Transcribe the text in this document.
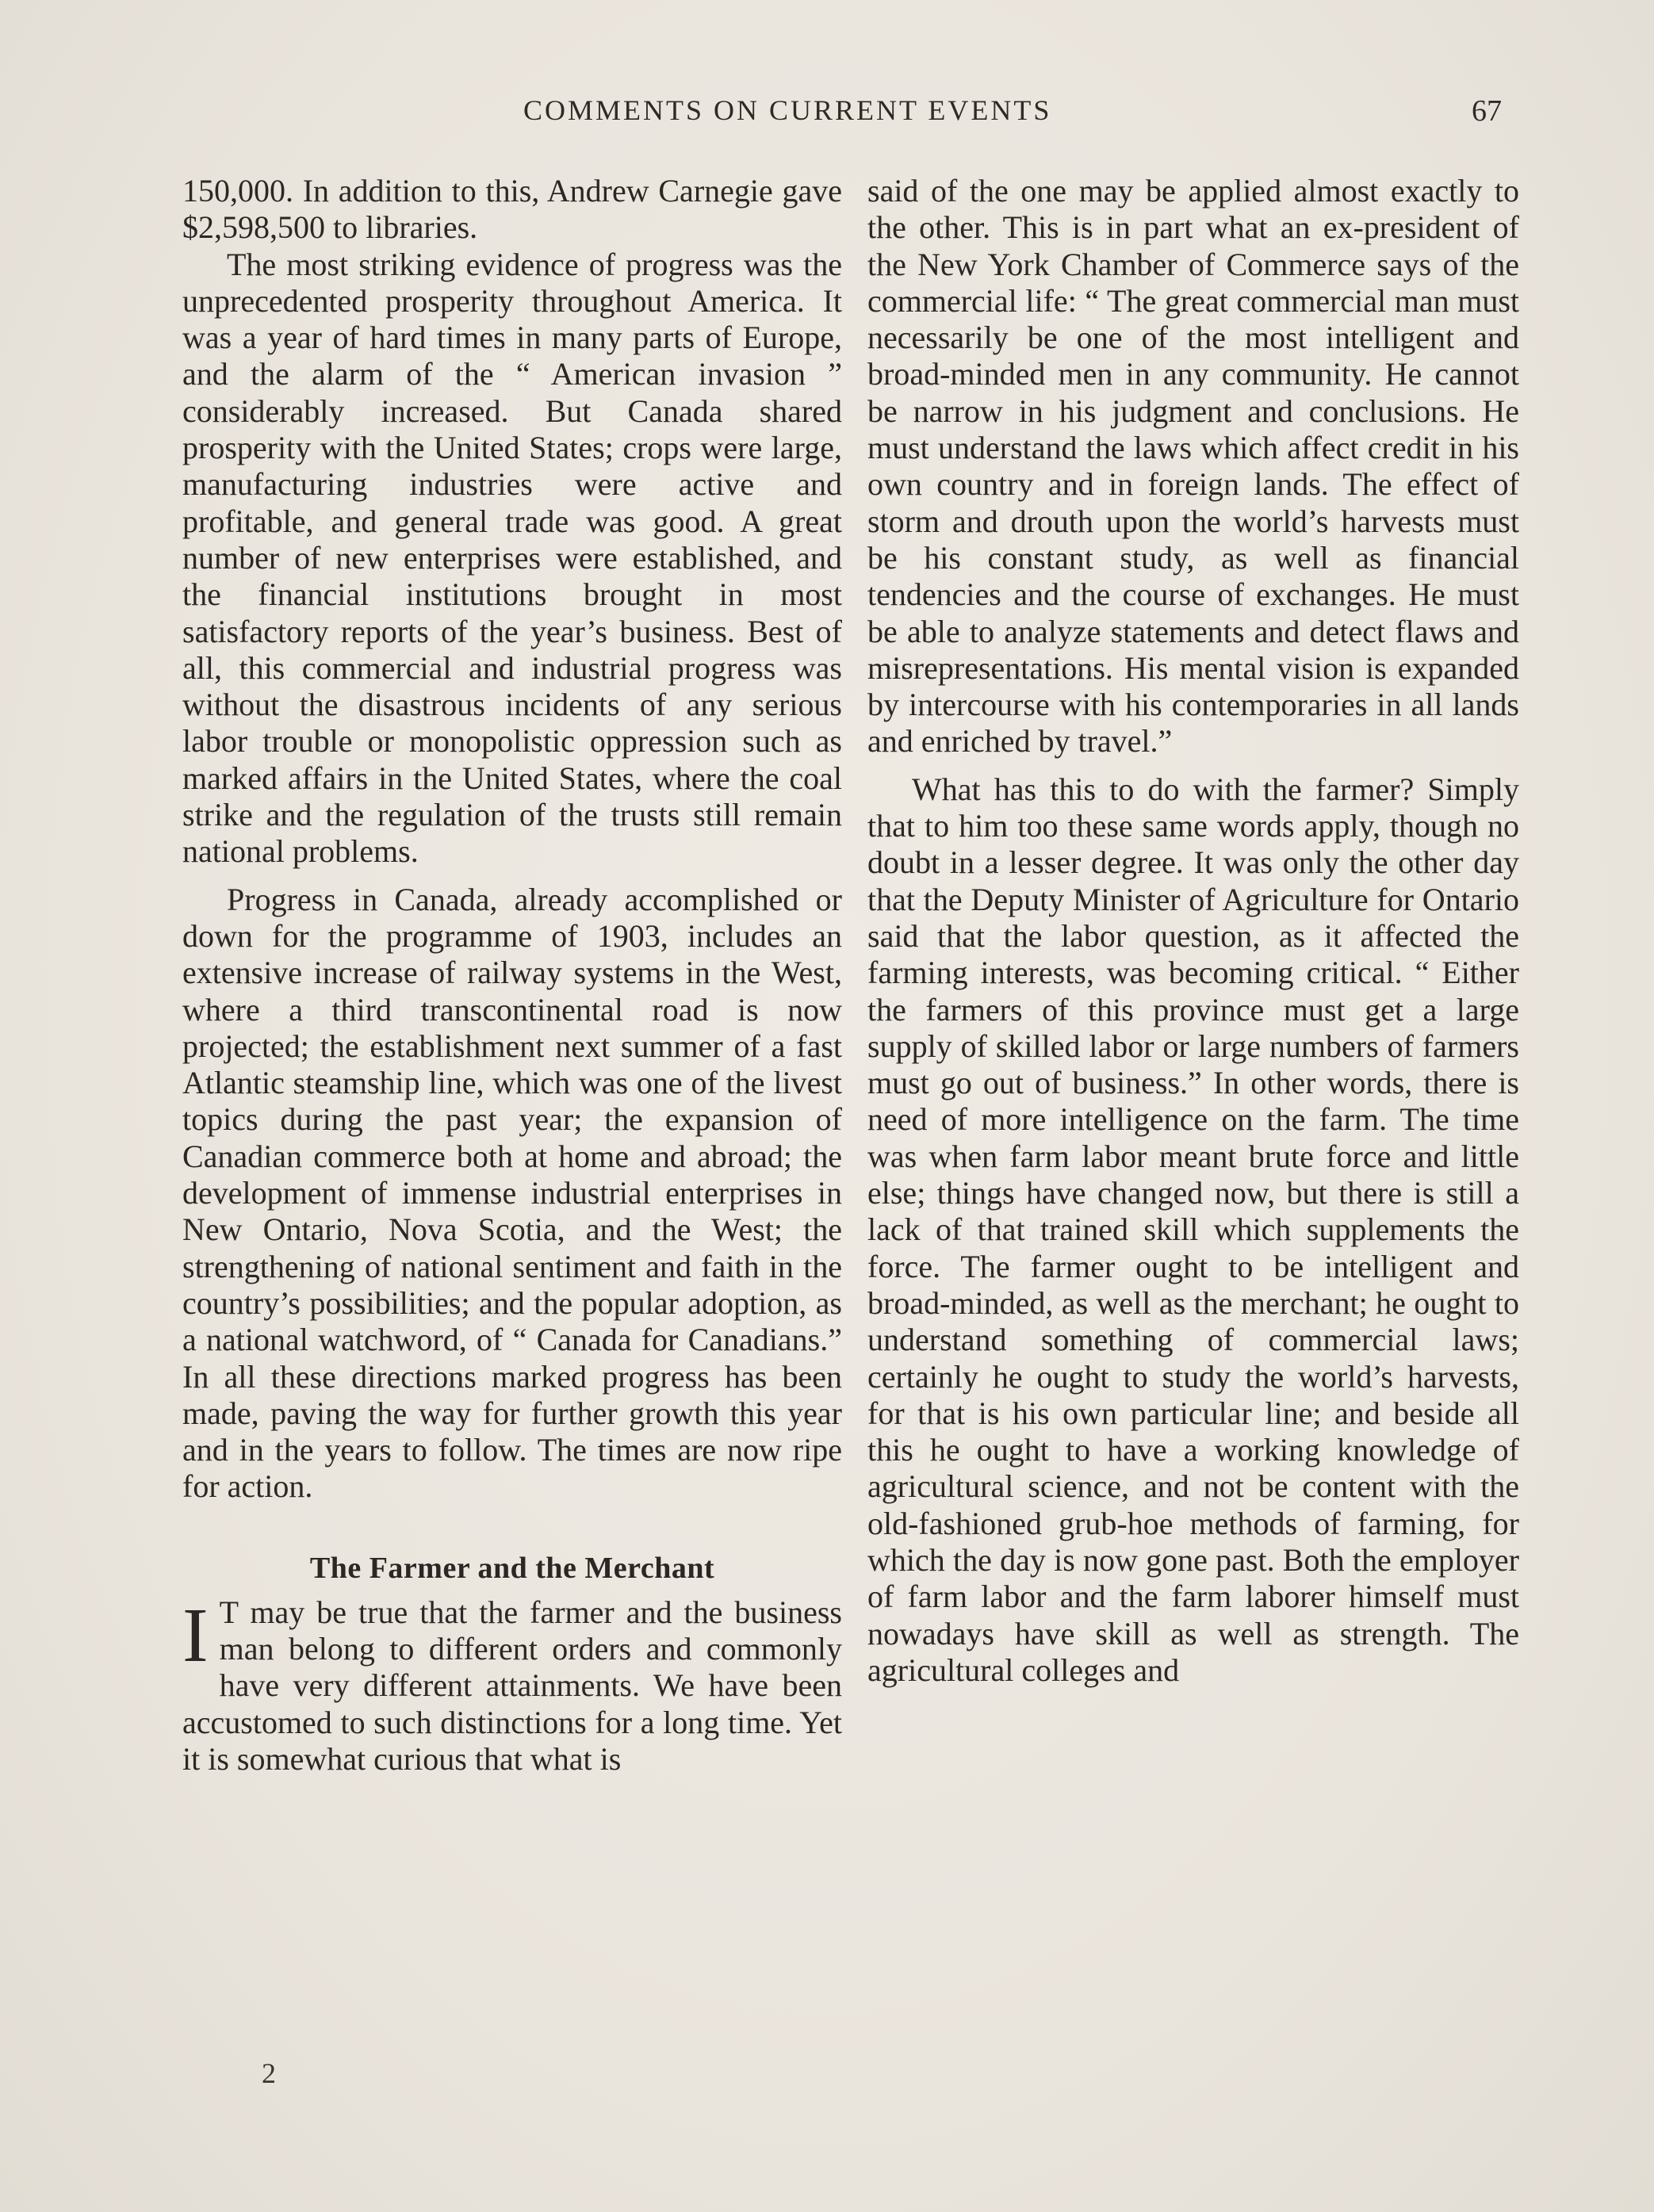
COMMENTS ON CURRENT EVENTS	67

150,000. In addition to this, Andrew Carnegie gave $2,598,500 to libraries.

The most striking evidence of progress was the unprecedented prosperity throughout America. It was a year of hard times in many parts of Europe, and the alarm of the “ American invasion ” considerably increased. But Canada shared prosperity with the United States; crops were large, manufacturing industries were active and profitable, and general trade was good. A great number of new enterprises were established, and the financial institutions brought in most satisfactory reports of the year’s business. Best of all, this commercial and industrial progress was without the disastrous incidents of any serious labor trouble or monopolistic oppression such as marked affairs in the United States, where the coal strike and the regulation of the trusts still remain national problems.

Progress in Canada, already accomplished or down for the programme of 1903, includes an extensive increase of railway systems in the West, where a third transcontinental road is now projected; the establishment next summer of a fast Atlantic steamship line, which was one of the livest topics during the past year; the expansion of Canadian commerce both at home and abroad; the development of immense industrial enterprises in New Ontario, Nova Scotia, and the West; the strengthening of national sentiment and faith in the country’s possibilities; and the popular adoption, as a national watchword, of “ Canada for Canadians.” In all these directions marked progress has been made, paving the way for further growth this year and in the years to follow. The times are now ripe for action.

The Farmer and the Merchant

I T may be true that the farmer and the business man belong to different orders and commonly have very different attainments. We have been accustomed to such distinctions for a long time. Yet it is somewhat curious that what is

said of the one may be applied almost exactly to the other. This is in part what an ex-president of the New York Chamber of Commerce says of the commercial life: “ The great commercial man must necessarily be one of the most intelligent and broad-minded men in any community. He cannot be narrow in his judgment and conclusions. He must understand the laws which affect credit in his own country and in foreign lands. The effect of storm and drouth upon the world’s harvests must be his constant study, as well as financial tendencies and the course of exchanges. He must be able to analyze statements and detect flaws and misrepresentations. His mental vision is expanded by intercourse with his contemporaries in all lands and enriched by travel.”

What has this to do with the farmer? Simply that to him too these same words apply, though no doubt in a lesser degree. It was only the other day that the Deputy Minister of Agriculture for Ontario said that the labor question, as it affected the farming interests, was becoming critical. “ Either the farmers of this province must get a large supply of skilled labor or large numbers of farmers must go out of business.” In other words, there is need of more intelligence on the farm. The time was when farm labor meant brute force and little else; things have changed now, but there is still a lack of that trained skill which supplements the force. The farmer ought to be intelligent and broad-minded, as well as the merchant; he ought to understand something of commercial laws; certainly he ought to study the world’s harvests, for that is his own particular line; and beside all this he ought to have a working knowledge of agricultural science, and not be content with the old-fashioned grub-hoe methods of farming, for which the day is now gone past. Both the employer of farm labor and the farm laborer himself must nowadays have skill as well as strength. The agricultural colleges and

2
